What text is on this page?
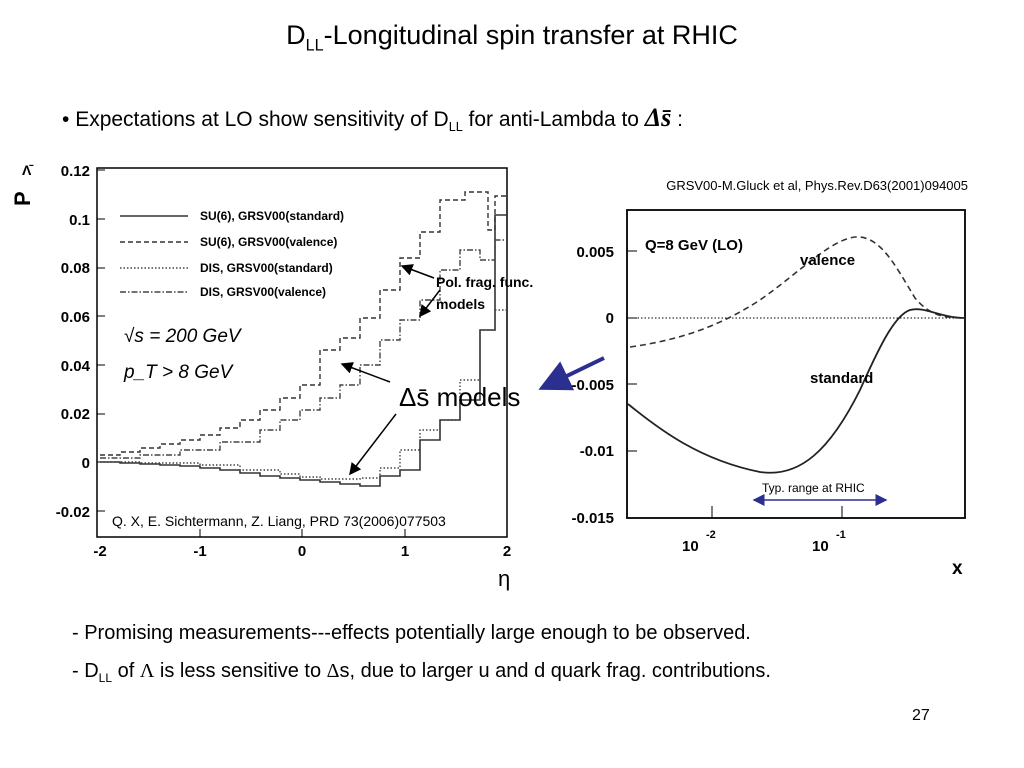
$D_{LL}$-Longitudinal spin transfer at RHIC
• Expectations at LO show sensitivity of $D_{LL}$ for anti-Lambda to Δs̄ :
P
Λ̄ 0.12
0.1
0.08
0.06
0.04
0.02
0
-0.02
-2	-1	0	1	2
η
SU(6), GRSV00(standard)
SU(6), GRSV00(valence)
DIS, GRSV00(standard)
DIS, GRSV00(valence)
√s = 200 GeV
p_T > 8 GeV
Q. X, E. Sichtermann, Z. Liang, PRD 73(2006)077503
Pol. frag. func.
models
Δs̄ models
GRSV00-M.Gluck et al, Phys.Rev.D63(2001)094005
0.005
0
-0.005
-0.01
-0.015
10
-2
10
-1
x
Q=8 GeV (LO)
valence
standard
Typ. range at RHIC
- Promising measurements---effects potentially large enough to be observed.
- $D_{LL}$ of Λ is less sensitive to Δs, due to larger u and d quark frag. contributions.
27
